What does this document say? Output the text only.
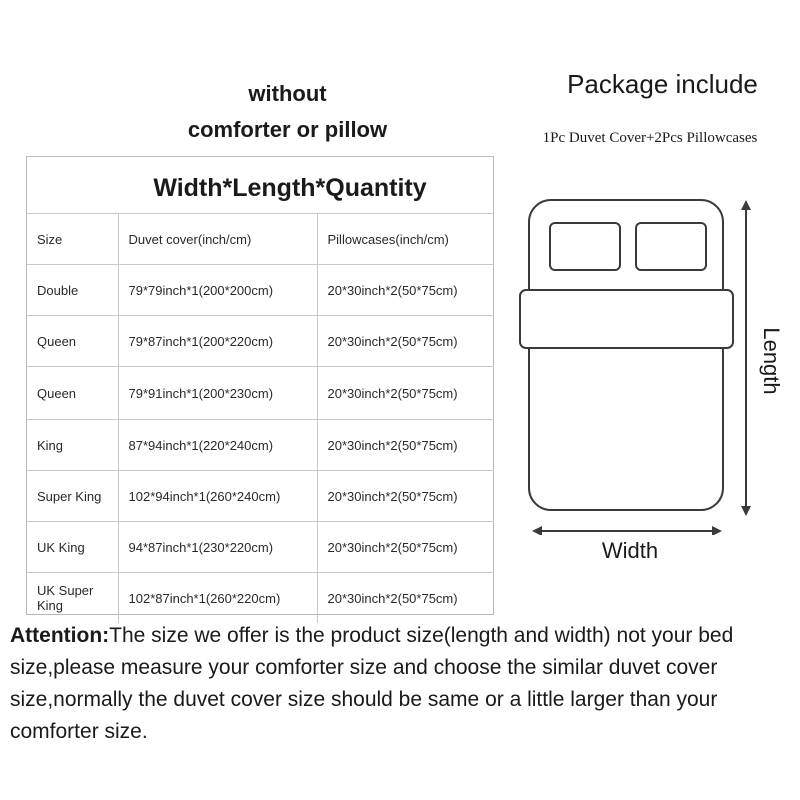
without
comforter or pillow
Width*Length*Quantity
Size	Duvet cover(inch/cm)	Pillowcases(inch/cm)
Double	79*79inch*1(200*200cm)	20*30inch*2(50*75cm)
Queen	79*87inch*1(200*220cm)	20*30inch*2(50*75cm)
Queen	79*91inch*1(200*230cm)	20*30inch*2(50*75cm)
King	87*94inch*1(220*240cm)	20*30inch*2(50*75cm)
Super King	102*94inch*1(260*240cm)	20*30inch*2(50*75cm)
UK King	94*87inch*1(230*220cm)	20*30inch*2(50*75cm)
UK Super King	102*87inch*1(260*220cm)	20*30inch*2(50*75cm)
Package include
1Pc Duvet Cover+2Pcs Pillowcases
Width
Length
Attention:The size we offer is the product size(length and width) not your bed size,please measure your comforter size and choose the similar duvet cover size,normally the duvet cover size should be same or a little larger than your comforter size.
